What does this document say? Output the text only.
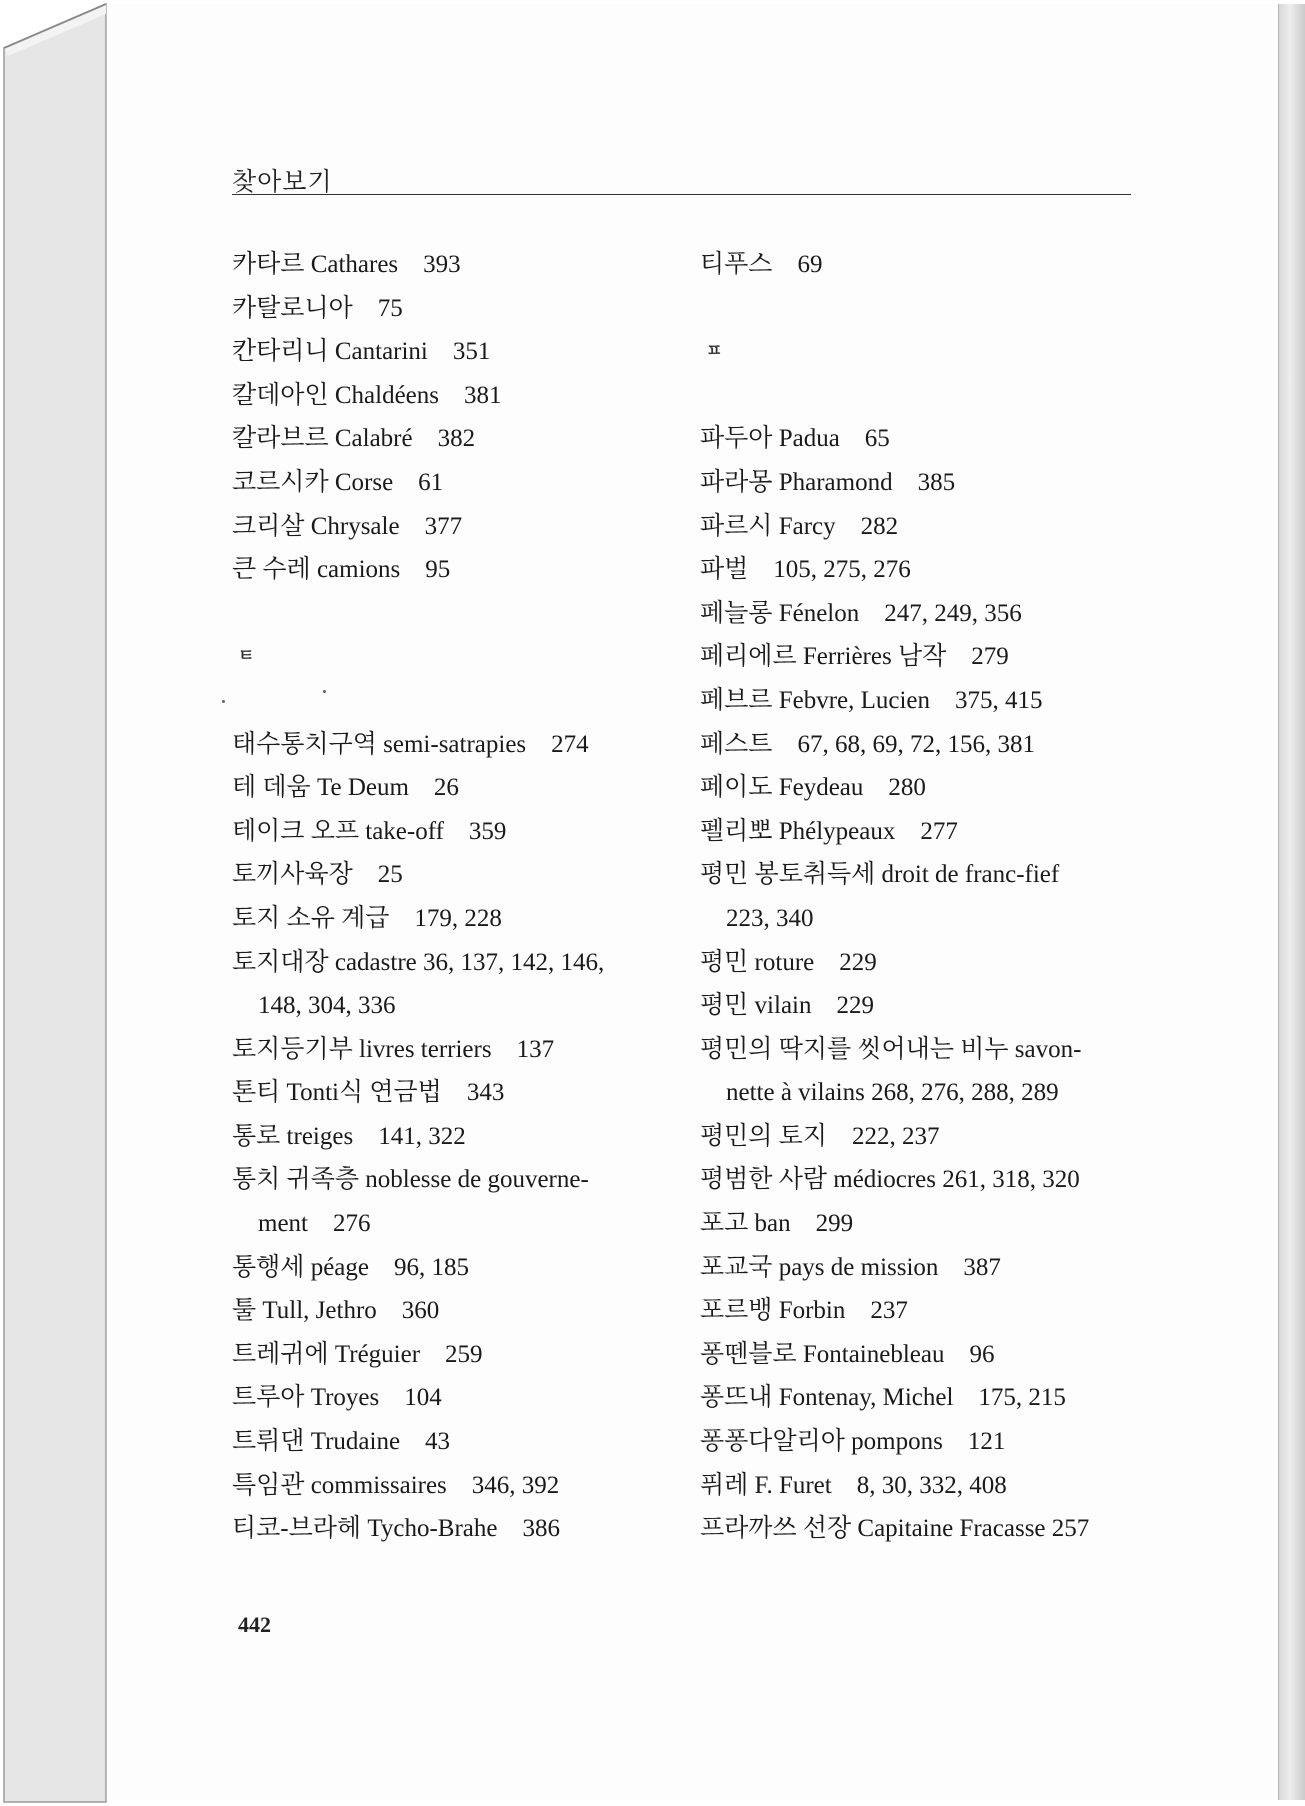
찾아보기
카타르 Cathares    393
카탈로니아    75
칸타리니 Cantarini    351
칼데아인 Chaldéens    381
칼라브르 Calabré    382
코르시카 Corse    61
크리살 Chrysale    377
큰 수레 camions    95
ㅌ
태수통치구역 semi-satrapies    274
테 데움 Te Deum    26
테이크 오프 take-off    359
토끼사육장    25
토지 소유 계급    179, 228
토지대장 cadastre 36, 137, 142, 146,
148, 304, 336
토지등기부 livres terriers    137
톤티 Tonti식 연금법    343
통로 treiges    141, 322
통치 귀족층 noblesse de gouverne-
ment    276
통행세 péage    96, 185
툴 Tull, Jethro    360
트레귀에 Tréguier    259
트루아 Troyes    104
트뤼댄 Trudaine    43
특임관 commissaires    346, 392
티코-브라헤 Tycho-Brahe    386
티푸스    69
ㅍ
파두아 Padua    65
파라몽 Pharamond    385
파르시 Farcy    282
파벌    105, 275, 276
페늘롱 Fénelon    247, 249, 356
페리에르 Ferrières 남작    279
페브르 Febvre, Lucien    375, 415
페스트    67, 68, 69, 72, 156, 381
페이도 Feydeau    280
펠리뽀 Phélypeaux    277
평민 봉토취득세 droit de franc-fief
223, 340
평민 roture    229
평민 vilain    229
평민의 딱지를 씻어내는 비누 savon-
nette à vilains 268, 276, 288, 289
평민의 토지    222, 237
평범한 사람 médiocres 261, 318, 320
포고 ban    299
포교국 pays de mission    387
포르뱅 Forbin    237
퐁뗀블로 Fontainebleau    96
퐁뜨내 Fontenay, Michel    175, 215
퐁퐁다알리아 pompons    121
퓌레 F. Furet    8, 30, 332, 408
프라까쓰 선장 Capitaine Fracasse 257
442
